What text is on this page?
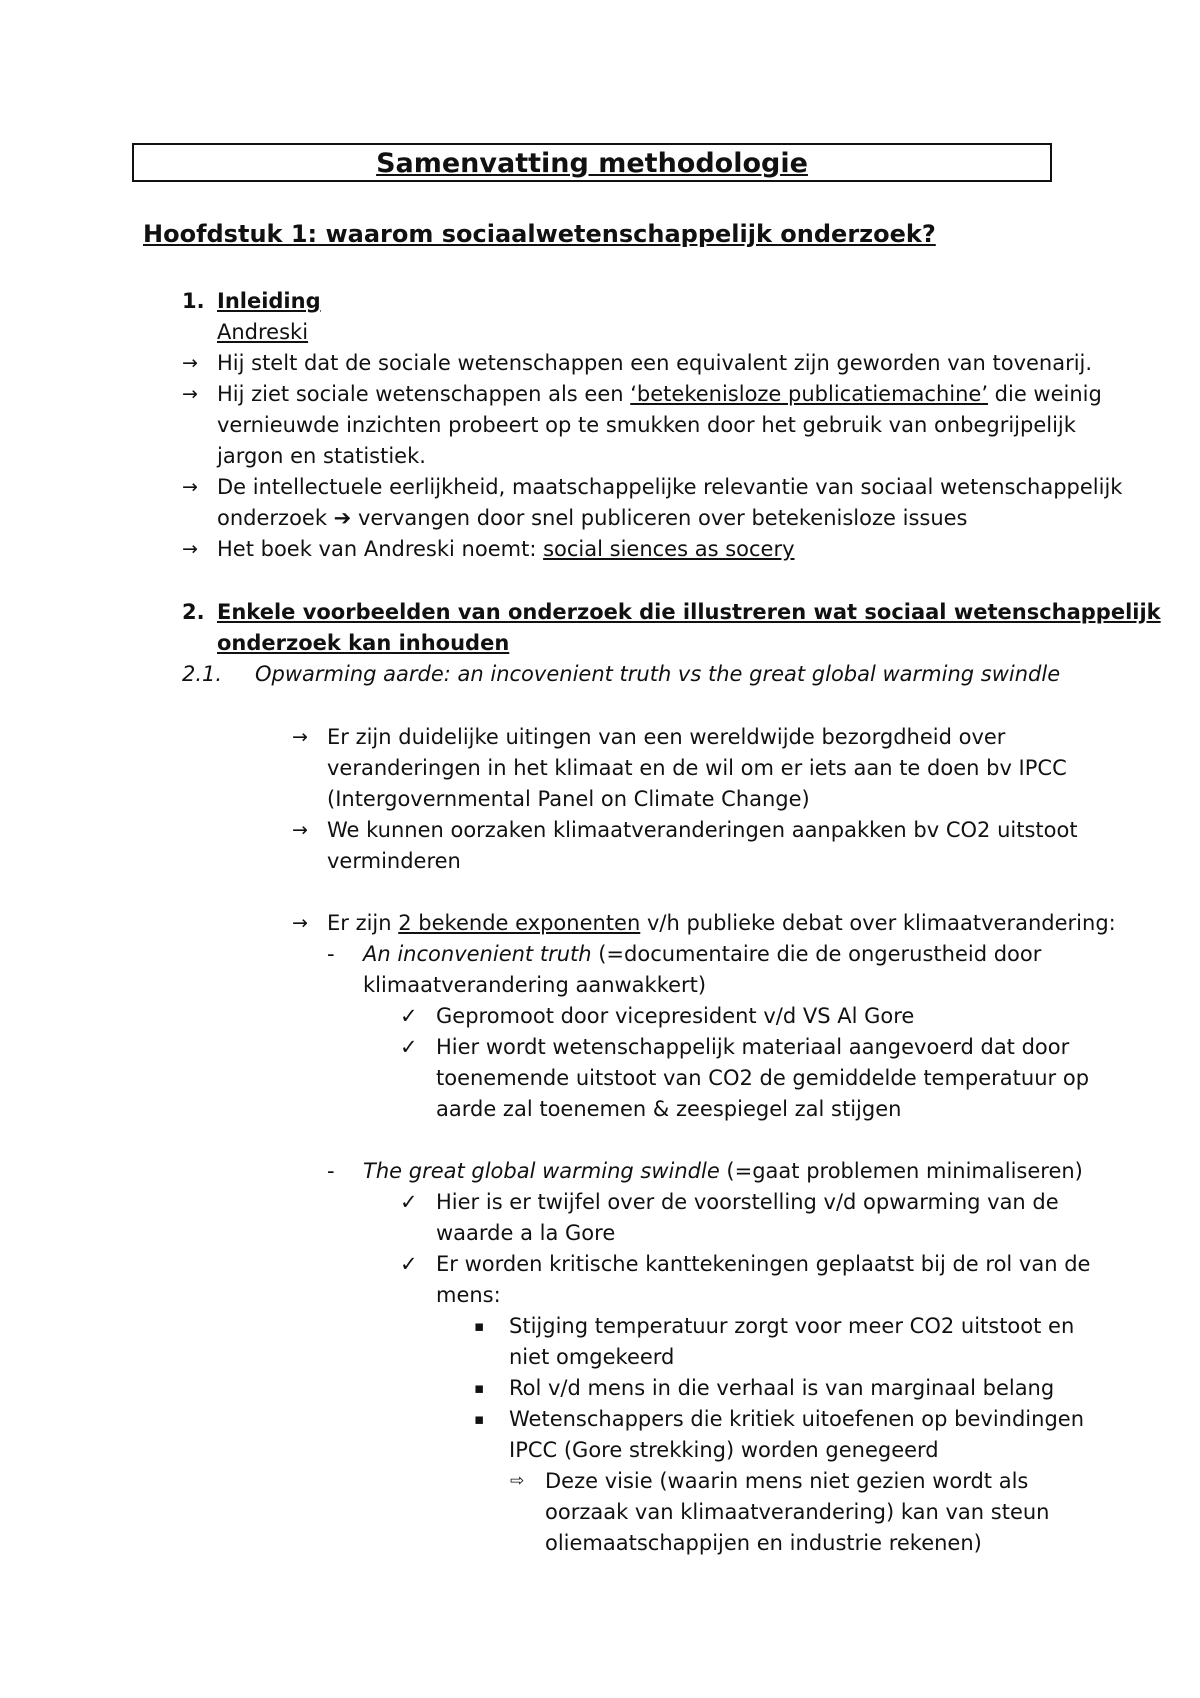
Samenvatting methodologie
Hoofdstuk 1: waarom sociaalwetenschappelijk onderzoek?
1. Inleiding
Andreski
→ Hij stelt dat de sociale wetenschappen een equivalent zijn geworden van tovenarij.
→ Hij ziet sociale wetenschappen als een ‘betekenisloze publicatiemachine’ die weinig
vernieuwde inzichten probeert op te smukken door het gebruik van onbegrijpelijk
jargon en statistiek.
→ De intellectuele eerlijkheid, maatschappelijke relevantie van sociaal wetenschappelijk
onderzoek ➔ vervangen door snel publiceren over betekenisloze issues
→ Het boek van Andreski noemt: social siences as socery
2. Enkele voorbeelden van onderzoek die illustreren wat sociaal wetenschappelijk
onderzoek kan inhouden
2.1. Opwarming aarde: an incovenient truth vs the great global warming swindle
→ Er zijn duidelijke uitingen van een wereldwijde bezorgdheid over
veranderingen in het klimaat en de wil om er iets aan te doen bv IPCC
(Intergovernmental Panel on Climate Change)
→ We kunnen oorzaken klimaatveranderingen aanpakken bv CO2 uitstoot
verminderen
→ Er zijn 2 bekende exponenten v/h publieke debat over klimaatverandering:
- An inconvenient truth (=documentaire die de ongerustheid door
klimaatverandering aanwakkert)
✓ Gepromoot door vicepresident v/d VS Al Gore
✓ Hier wordt wetenschappelijk materiaal aangevoerd dat door
toenemende uitstoot van CO2 de gemiddelde temperatuur op
aarde zal toenemen & zeespiegel zal stijgen
- The great global warming swindle (=gaat problemen minimaliseren)
✓ Hier is er twijfel over de voorstelling v/d opwarming van de
waarde a la Gore
✓ Er worden kritische kanttekeningen geplaatst bij de rol van de
mens:
▪ Stijging temperatuur zorgt voor meer CO2 uitstoot en
niet omgekeerd
▪ Rol v/d mens in die verhaal is van marginaal belang
▪ Wetenschappers die kritiek uitoefenen op bevindingen
IPCC (Gore strekking) worden genegeerd
⇨ Deze visie (waarin mens niet gezien wordt als
oorzaak van klimaatverandering) kan van steun
oliemaatschappijen en industrie rekenen)
